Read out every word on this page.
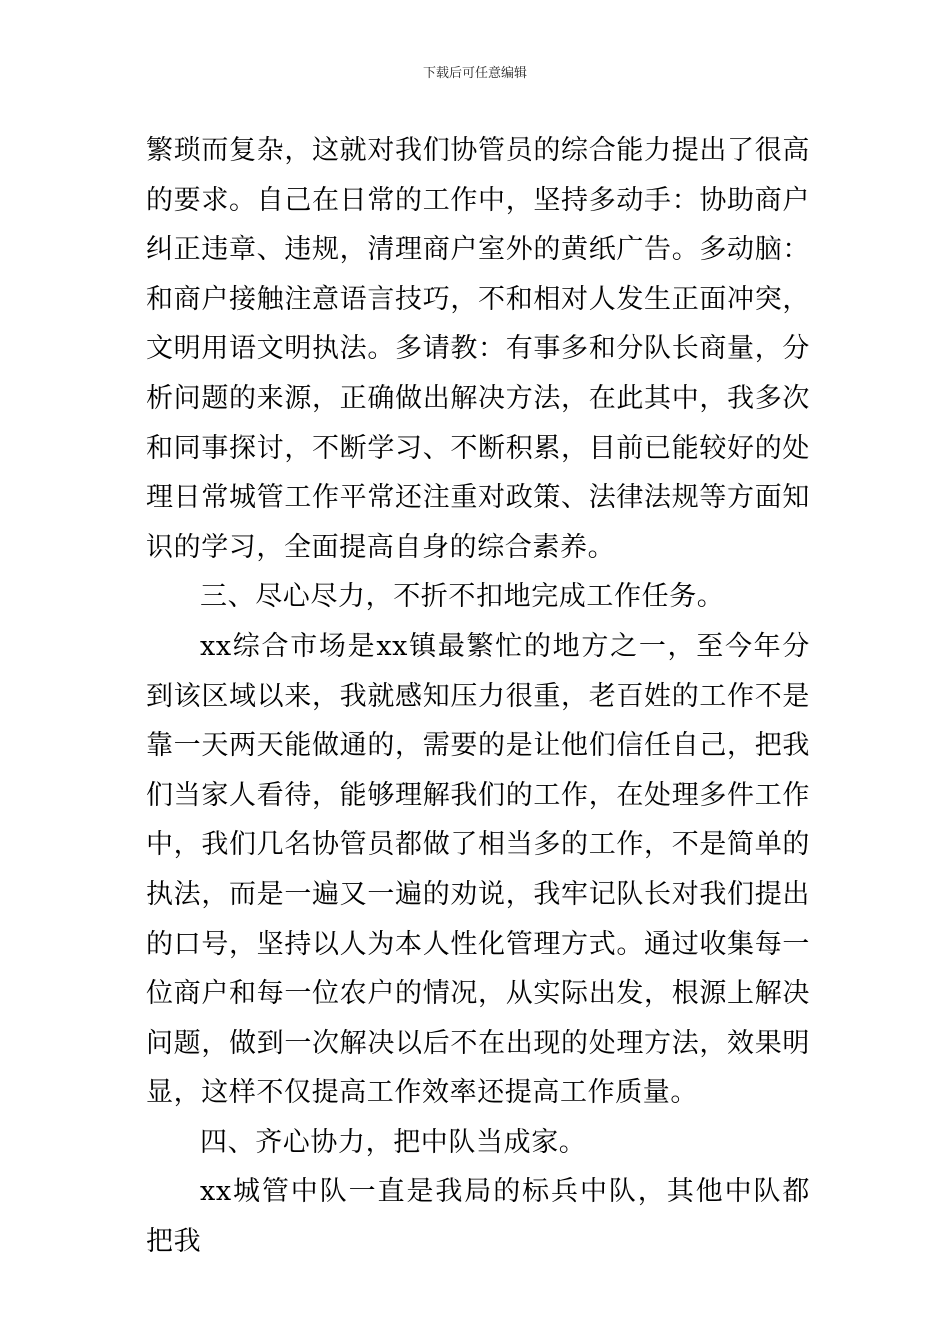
下载后可任意编辑

繁琐而复杂，这就对我们协管员的综合能力提出了很高的要求。自己在日常的工作中，坚持多动手：协助商户纠正违章、违规，清理商户室外的黄纸广告。多动脑：和商户接触注意语言技巧，不和相对人发生正面冲突，文明用语文明执法。多请教：有事多和分队长商量，分析问题的来源，正确做出解决方法，在此其中，我多次和同事探讨，不断学习、不断积累，目前已能较好的处理日常城管工作平常还注重对政策、法律法规等方面知识的学习，全面提高自身的综合素养。

三、尽心尽力，不折不扣地完成工作任务。

xx综合市场是xx镇最繁忙的地方之一，至今年分到该区域以来，我就感知压力很重，老百姓的工作不是靠一天两天能做通的，需要的是让他们信任自己，把我们当家人看待，能够理解我们的工作，在处理多件工作中，我们几名协管员都做了相当多的工作，不是简单的执法，而是一遍又一遍的劝说，我牢记队长对我们提出的口号，坚持以人为本人性化管理方式。通过收集每一位商户和每一位农户的情况，从实际出发，根源上解决问题，做到一次解决以后不在出现的处理方法，效果明显，这样不仅提高工作效率还提高工作质量。

四、齐心协力，把中队当成家。

xx城管中队一直是我局的标兵中队，其他中队都把我
